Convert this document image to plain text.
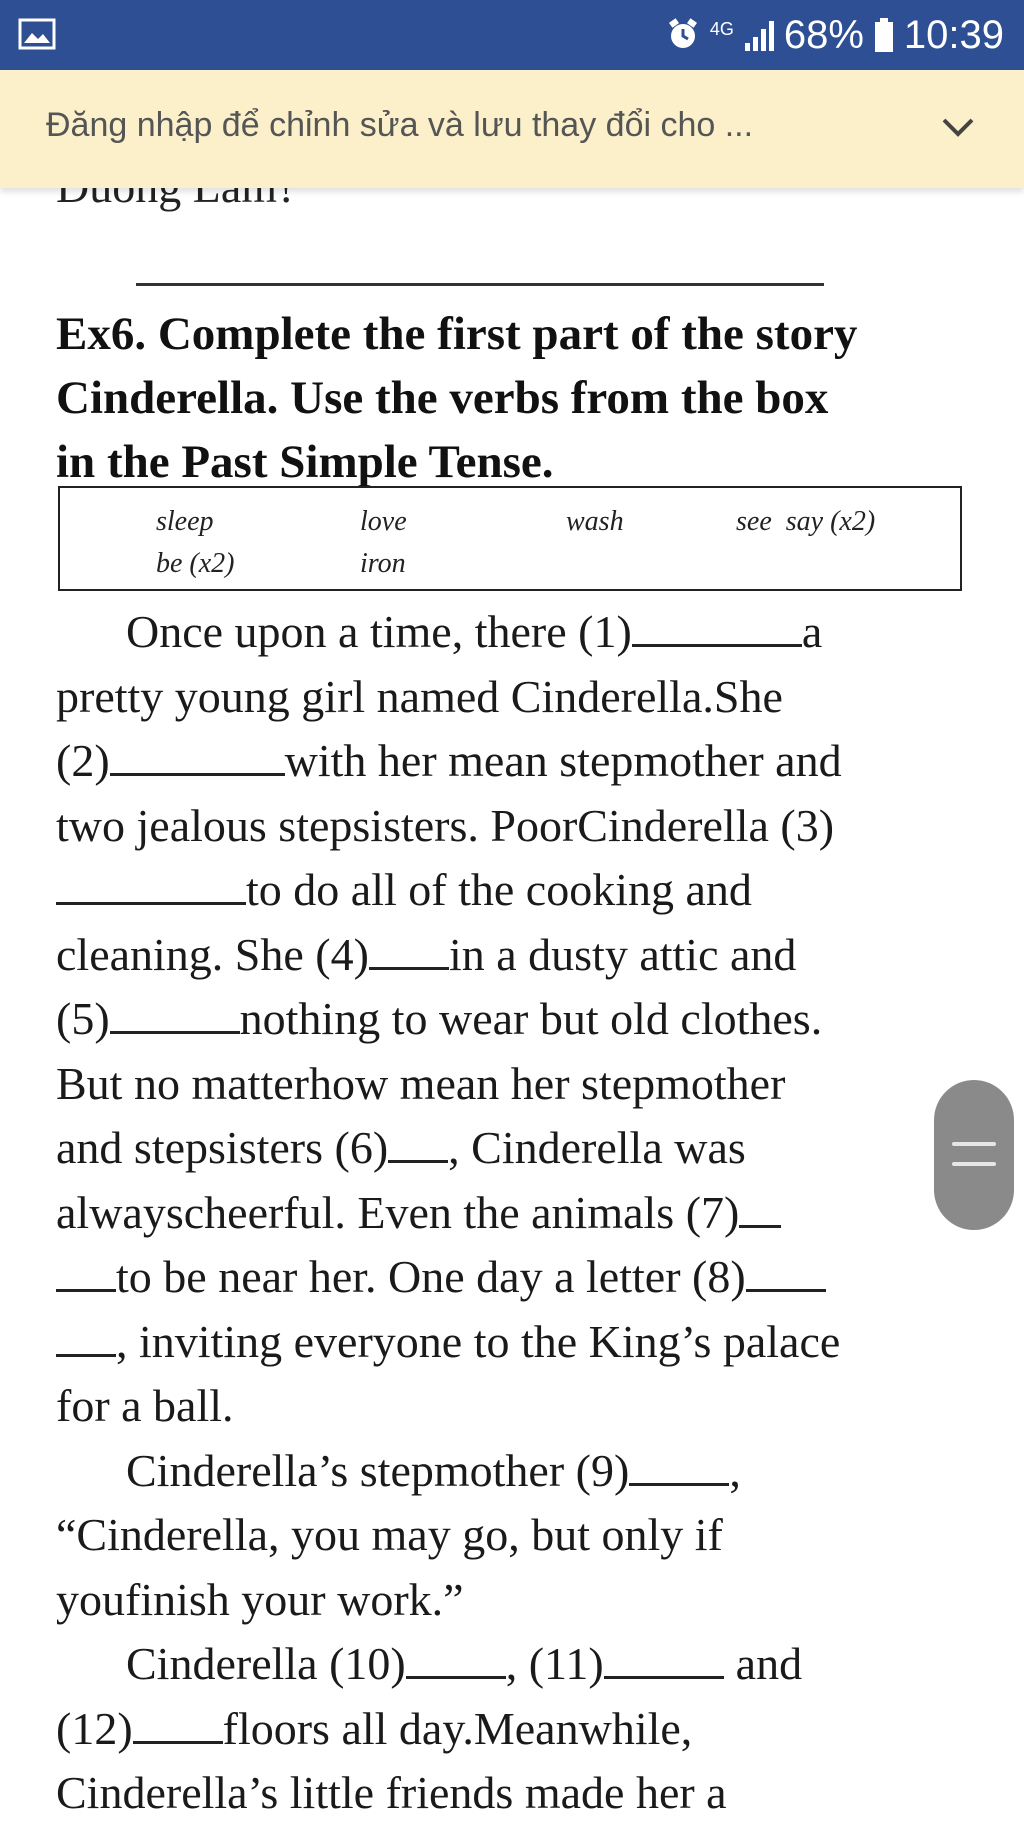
Ex6. Complete the first part of the story
Cinderella. Use the verbs from the box
in the Past Simple Tense.
sleep	love	wash	see  say (x2)
be (x2)	iron
Once upon a time, there (1)	a
pretty young girl named Cinderella.She
(2)	with her mean stepmother and
two jealous stepsisters. PoorCinderella (3)
to do all of the cooking and
cleaning. She (4) in a dusty attic and
(5)	nothing to wear but old clothes.
But no matterhow mean her stepmother
and stepsisters (6) , Cinderella was
alwayscheerful. Even the animals (7)
to be near her. One day a letter (8)
, inviting everyone to the King’s palace
for a ball.
Cinderella’s stepmother (9) ,
“Cinderella, you may go, but only if
youfinish your work.”
Cinderella (10) , (11)	and
(12) floors all day.Meanwhile,
Cinderella’s little friends made her a
4G 68% 10:39
Đăng nhập để chỉnh sửa và lưu thay đổi cho ...
